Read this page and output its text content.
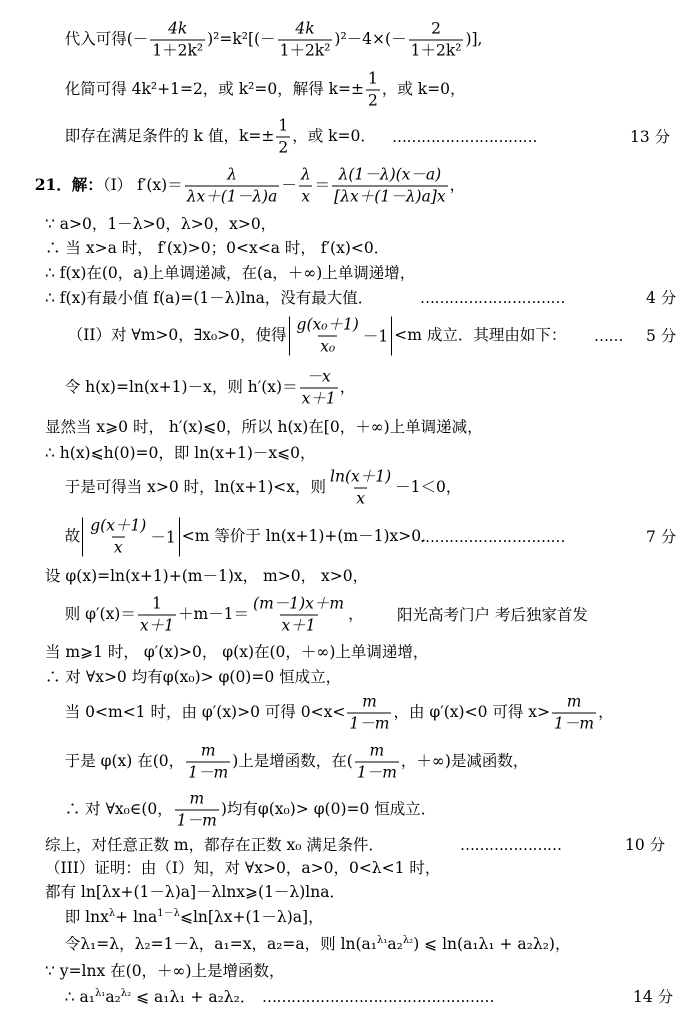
代入可得(－ $\frac{4k}{\text{1＋2k²}} )^2=k^2[(- \frac{4k}{\text{1＋2k²}} )^2-4\times(- \frac{2}{\text{1＋2k²}}$ )],

化简可得 4k²+1=2，或 k²=0，解得 $k=\pm \frac{1}{2}$ ，或 k=0，

即存在满足条件的 k 值，$k=\pm \frac{1}{2}$ ，或 k=0．
…………………………	13 分

21．解：（I） $f'(x)= \frac{\lambda}{\lambda x+(1-\lambda)a} - \frac{\lambda}{x} = \frac{\lambda(1-\lambda)(x-a)}{[\lambda x+(1-\lambda)a]x}$ ，

∵ a>0，1－λ>0，λ>0，x>0，
∴ 当 x>a 时， f′(x)>0；0<x<a 时， f′(x)<0．
∴ f(x)在(0，a)上单调递减，在(a，＋∞)上单调递增，
∴ f(x)有最小值 f(a)=(1－λ)lna，没有最大值．	…………………………	4 分

（II）对 ∀m>0，∃x₀>0，使得 $\frac{\text{g(x₀＋1)}}{\text{x₀}} -1 <m$ 成立．其理由如下：
…… 5 分

令 h(x)=ln(x+1)－x，则 $h'(x)= \frac{-x}{x+1}$ ，

显然当 x⩾0 时， h′(x)⩽0，所以 h(x)在[0，＋∞)上单调递减，
∴ h(x)⩽h(0)=0，即 ln(x+1)－x⩽0，

于是可得当 x>0 时，ln(x+1)<x，则 $\frac{\ln(x+1)}{x} -1<0$，

故 $\frac{g(x+1)}{x} -1 <m$ 等价于 ln(x+1)+(m－1)x>0．

…………………………	7 分
设 φ(x)=ln(x+1)+(m－1)x， m>0， x>0，

则 $\varphi'(x)= \frac{1}{x+1} +m-1= \frac{(m-1)x+m}{x+1}$ ，
阳光高考门户 考后独家首发
当 m⩾1 时， φ′(x)>0， φ(x)在(0，＋∞)上单调递增，
∴ 对 ∀x>0 均有φ(x₀)> φ(0)=0 恒成立，

当 0<m<1 时，由 φ′(x)>0 可得 $0<x< \frac{m}{1-m}$ ，由 φ′(x)<0 可得 $x> \frac{m}{1-m}$ ，

于是 φ(x) 在(0， $\frac{m}{1-m}$ )上是增函数，在( $\frac{m}{1-m}$ ，＋∞)是减函数，

∴ 对 ∀x₀∈(0， $\frac{m}{1-m}$ )均有φ(x₀)> φ(0)=0 恒成立．

综上，对任意正数 m，都存在正数 x₀ 满足条件．	…………………	10 分
（III）证明：由（I）知，对 ∀x>0，a>0，0<λ<1 时，
都有 ln[λx+(1－λ)a]－λlnx⩾(1－λ)lna．

即 lnx$^\lambda$+ lna$^{1-\lambda}$⩽ln[λx+(1－λ)a]，

令λ₁=λ，λ₂=1－λ，a₁=x，a₂=a，则 ln(a₁$^{\lambda_1}$a₂$^{\lambda_2}$) ⩽ ln(a₁λ₁ + a₂λ₂)，

∵ y=lnx 在(0，＋∞)上是增函数，

∴ a₁$^{\lambda_1}$a₂$^{\lambda_2}$ ⩽ a₁λ₁ + a₂λ₂．
…………………………………………	14 分
